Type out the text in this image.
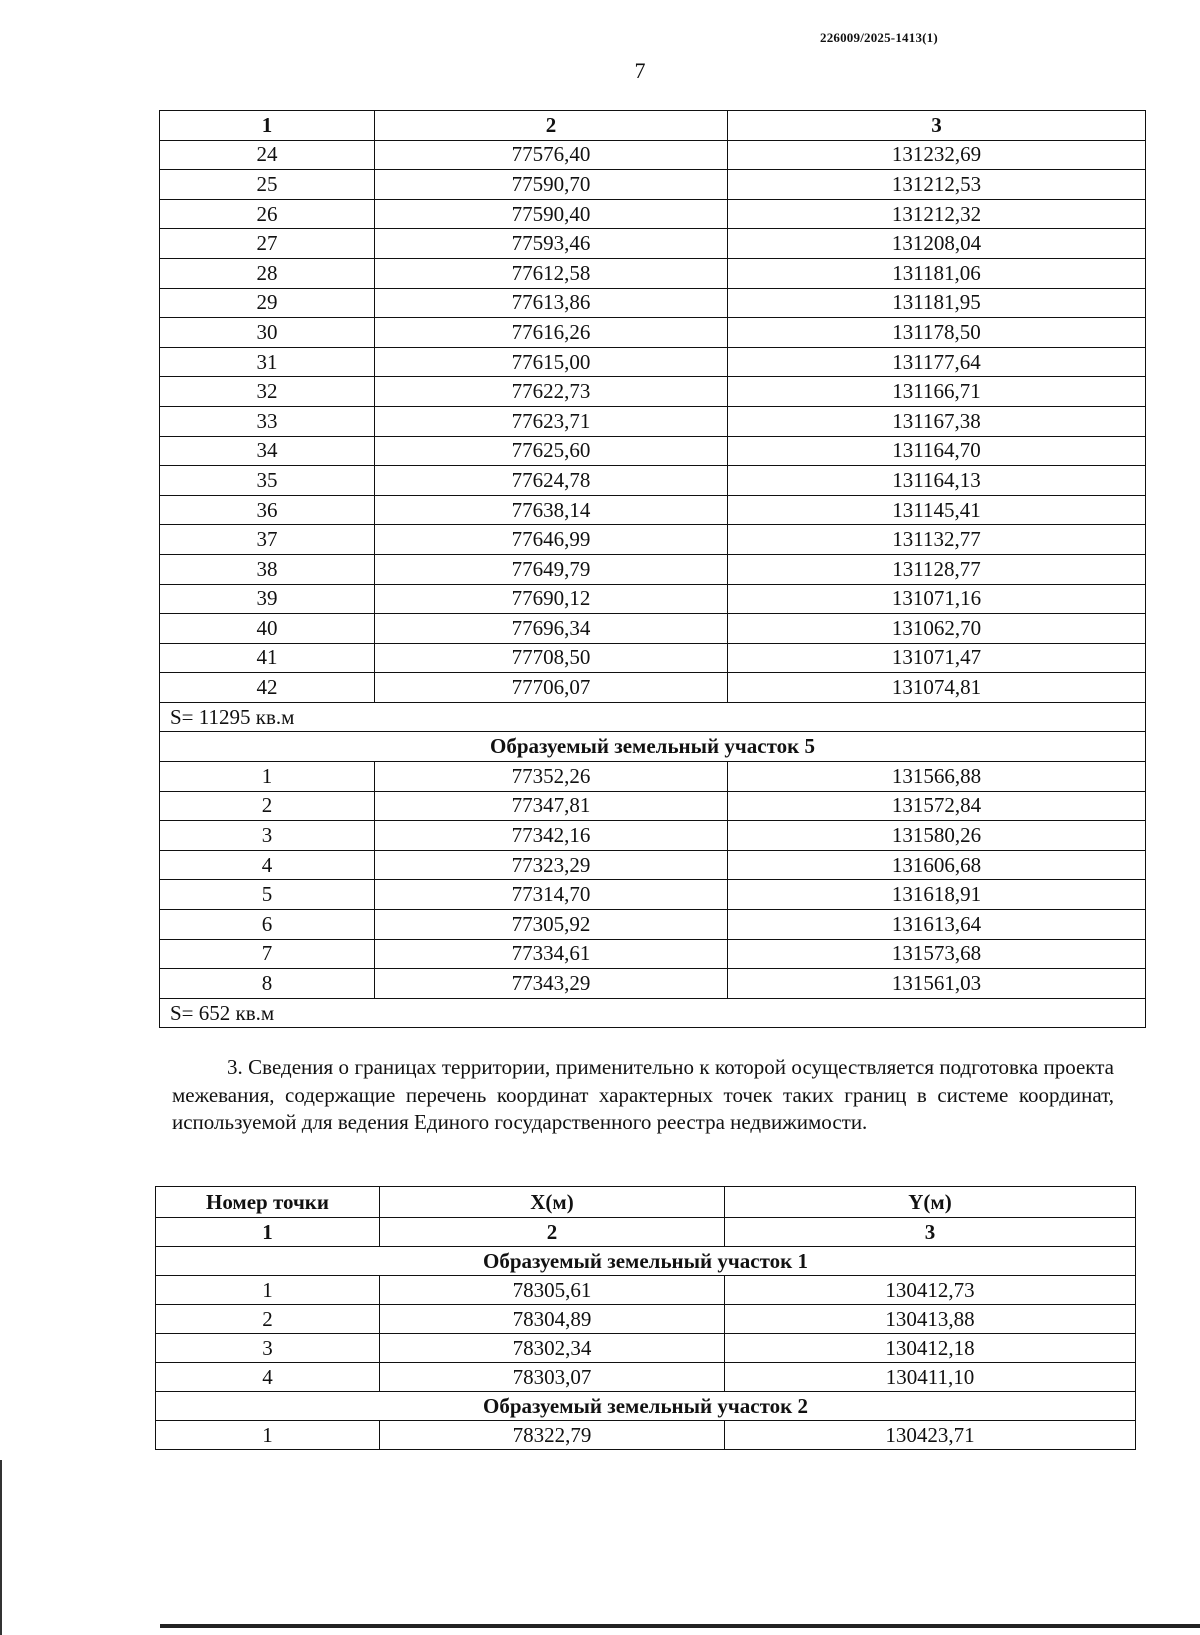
226009/2025-1413(1)
7
1	2	3
24	77576,40	131232,69
25	77590,70	131212,53
26	77590,40	131212,32
27	77593,46	131208,04
28	77612,58	131181,06
29	77613,86	131181,95
30	77616,26	131178,50
31	77615,00	131177,64
32	77622,73	131166,71
33	77623,71	131167,38
34	77625,60	131164,70
35	77624,78	131164,13
36	77638,14	131145,41
37	77646,99	131132,77
38	77649,79	131128,77
39	77690,12	131071,16
40	77696,34	131062,70
41	77708,50	131071,47
42	77706,07	131074,81
S= 11295 кв.м		
Образуемый земельный участок 5		
1	77352,26	131566,88
2	77347,81	131572,84
3	77342,16	131580,26
4	77323,29	131606,68
5	77314,70	131618,91
6	77305,92	131613,64
7	77334,61	131573,68
8	77343,29	131561,03
S= 652 кв.м		

3. Сведения о границах территории, применительно к которой осуществляется подготовка проекта межевания, содержащие перечень координат характерных точек таких границ в системе координат, используемой для ведения Единого государственного реестра недвижимости.

Номер точки	X(м)	Y(м)
1	2	3
Образуемый земельный участок 1		
1	78305,61	130412,73
2	78304,89	130413,88
3	78302,34	130412,18
4	78303,07	130411,10
Образуемый земельный участок 2		
1	78322,79	130423,71
